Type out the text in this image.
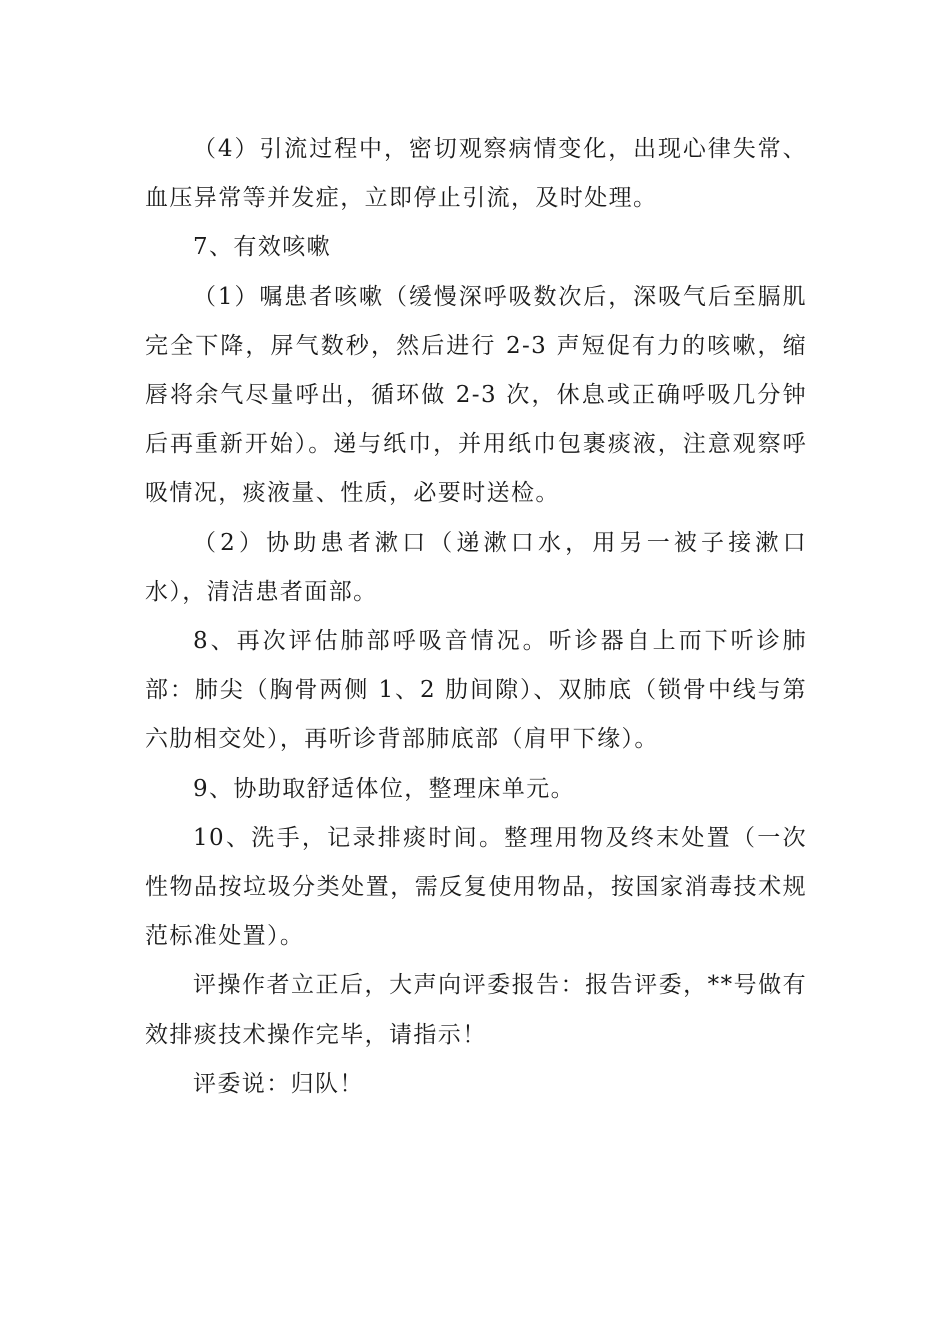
（4）引流过程中，密切观察病情变化，出现心律失常、血压异常等并发症，立即停止引流，及时处理。

7、有效咳嗽

（1）嘱患者咳嗽（缓慢深呼吸数次后，深吸气后至膈肌完全下降，屏气数秒，然后进行 2-3 声短促有力的咳嗽，缩唇将余气尽量呼出，循环做 2-3 次，休息或正确呼吸几分钟后再重新开始）。递与纸巾，并用纸巾包裹痰液，注意观察呼吸情况，痰液量、性质，必要时送检。

（2）协助患者漱口（递漱口水，用另一被子接漱口水），清洁患者面部。

8、再次评估肺部呼吸音情况。听诊器自上而下听诊肺部：肺尖（胸骨两侧 1、2 肋间隙）、双肺底（锁骨中线与第六肋相交处），再听诊背部肺底部（肩甲下缘）。

9、协助取舒适体位，整理床单元。

10、洗手，记录排痰时间。整理用物及终末处置（一次性物品按垃圾分类处置，需反复使用物品，按国家消毒技术规范标准处置）。

评操作者立正后，大声向评委报告：报告评委，**号做有效排痰技术操作完毕，请指示！

评委说：归队！
